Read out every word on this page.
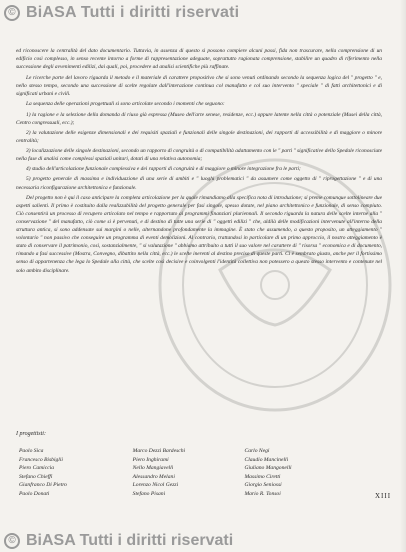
© BiASA Tutti i diritti riservati

ed riconoscere la centralità del dato documentario. Tuttavia, in assenza di questo si possono compiere alcuni passi, fida non trascurare, nella comprensione di un edificio così complesso, in senso recente intorno a forme di rappresentazione adeguate, soprattutto ragionata comprensione, stabilire un quadro di riferimento nella successione degli avvenimenti edilizi, dai quali, poi, procedere ad analisi scientifiche più raffinate.

Le ricerche parte del lavoro riguarda il metodo e il materiale di carattere propositivo che si sono venuti ordinando secondo la sequenza logica del " progetto " e, nello stesso tempo, secondo una successione di scelte regolate dall'interazione continua col manufatto e col suo intervento " speciale " di fatti architettonici e di significati urbani e civili.

La sequenza delle operazioni progettuali si sono articolate secondo i momenti che seguono:

1) la ragione e la selezione della domanda di riuso già espressa (Museo dell'arte senese, residenze, ecc.) oppure latente nella città o potenziale (Musei della città, Centro congressuali, ecc.);

2) la valutazione delle esigenze dimensionali e dei requisiti spaziali e funzionali delle singole destinazioni, dei rapporti di accessibilità e di maggiore o minore centralità;

3) localizzazione delle singole destinazioni, secondo un rapporto di congruità o di compatibilità adattamento con le " parti " significative dello Spedale riconosciute nella fase di analisi come complessi spaziali unitari, dotati di una relativa autonomia;

4) studio dell'articolazione funzionale complessiva e dei rapporti di congruità e di maggiore o minore integrazione fra le parti;

5) progetto generale di massima e individuazione di una serie di ambiti e " luoghi problematici " da assumere come oggetto di " riprogettazione " e di una necessaria riconfigurazione architettonica e funzionale.

Del progetto non è qui il caso anticipare la completa articolazione per la quale rimandiamo alla specifica nota di introduzione; si preme comunque sottolineare due aspetti salienti. Il primo è costituito dalla realizzabilità del progetto generale per fasi singole, spesso dotate, nel piano architettonico e funzionale, di senso compiuto. Ciò consentirà un processo di recupero articolato nel tempo e rapportato ai programmi finanziari pluriennali. Il secondo riguarda la natura delle scelte interne alla " conservazione " del manufatto, ciò come si è pervenuti, e di destino di tutte una serie di " oggetti edilizi " che, aldilà delle modificazioni intervenute all'interno della struttura antica, si sono addensate sui margini o nelle, alternandone profondamente la immagine. È stato che assumendo, a questo proposito, un atteggiamento " volontario " non passivo che conseguire un programma di eventi demolizioni. Al contrario, trattandosi in particolare di un primo approccio, il nostro atteggiamento è stato di conservare il patrimonio, così, sostanzialmente, " si valutazione " abbiamo attribuito a tutti il suo valore nel carattere di " risorsa " economica e di documento, rimando a fasi successive (Mostra, Convegno, dibattito nella città, ecc.) le scelte inerenti al destino preciso di queste parti. Ci è sembrato giusto, anche per il fortissimo senso di appartenenza che lega lo Spedale alla città, che scelte così decisive e coinvolgenti l'identità collettiva non potessero a questo stesso intervento e contenute nel solo ambito disciplinare.

I progettisti:
Paolo Sica
Francesco Bisbiglii
Piero Camiccia
Stefano Chieffi
Gianfranco Di Pietro
Paolo Donati
Marco Dezzi Bardeschi
Piero Inghirami
Nello Mangiavelli
Alessandro Melani
Lorenzo Nicol Gezzi
Stefano Pisani
Carlo Negi
Claudio Mancinelli
Giuliano Mangonelli
Massimo Ciretti
Giorgio Seniossi
Mario R. Tonsoi	XIII
© BiASA Tutti i diritti riservati
